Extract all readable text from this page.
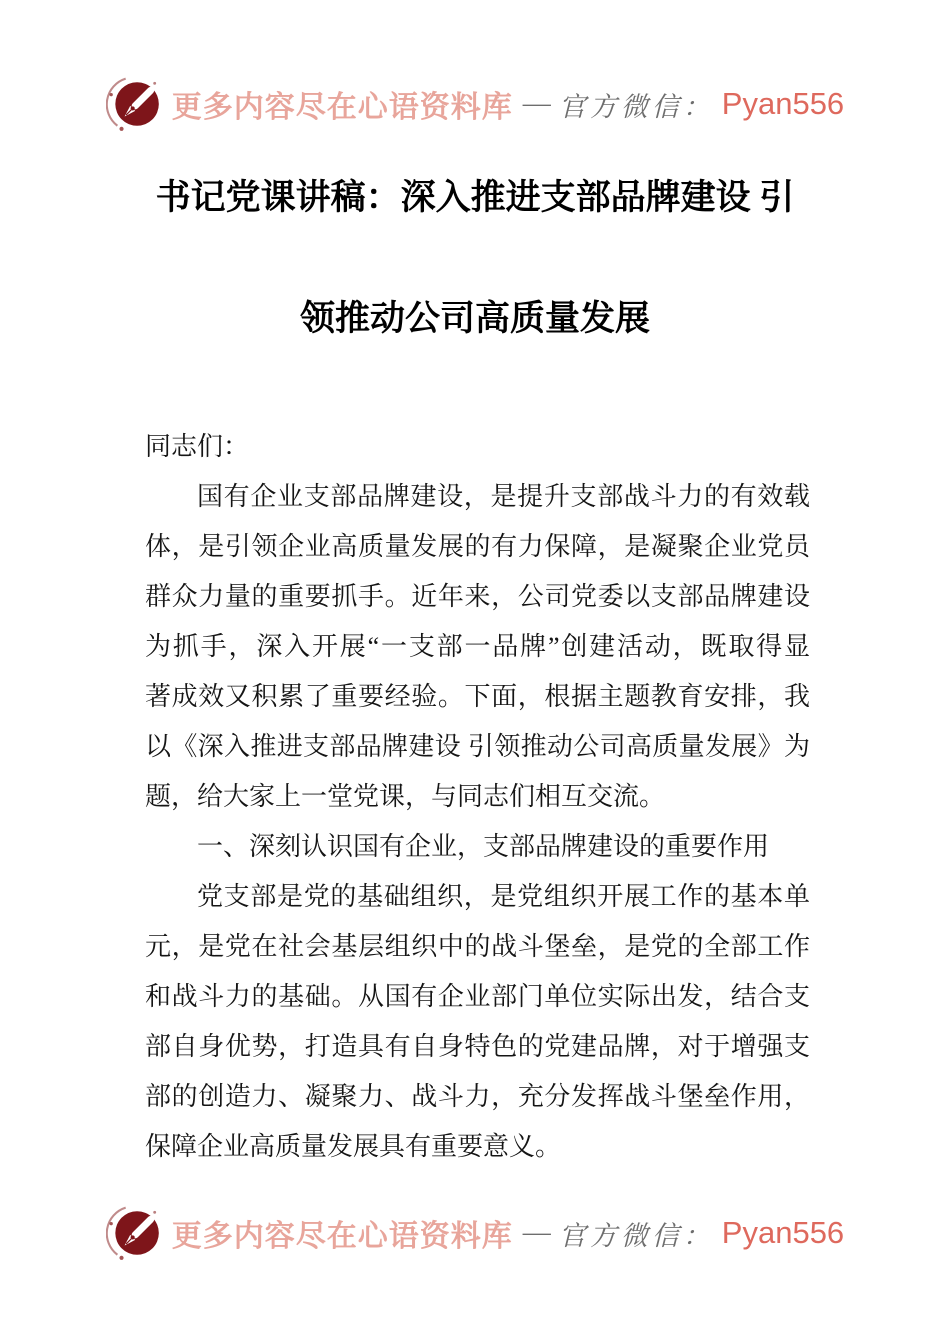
更多内容尽在心语资料库 — 官方微信： Pyan556
书记党课讲稿：深入推进支部品牌建设 引
领推动公司高质量发展
同志们：
国有企业支部品牌建设，是提升支部战斗力的有效载
体，是引领企业高质量发展的有力保障，是凝聚企业党员
群众力量的重要抓手。近年来，公司党委以支部品牌建设
为抓手，深入开展“一支部一品牌”创建活动，既取得显
著成效又积累了重要经验。下面，根据主题教育安排，我
以《深入推进支部品牌建设 引领推动公司高质量发展》为
题，给大家上一堂党课，与同志们相互交流。
一、深刻认识国有企业，支部品牌建设的重要作用
党支部是党的基础组织，是党组织开展工作的基本单
元，是党在社会基层组织中的战斗堡垒，是党的全部工作
和战斗力的基础。从国有企业部门单位实际出发，结合支
部自身优势，打造具有自身特色的党建品牌，对于增强支
部的创造力、凝聚力、战斗力，充分发挥战斗堡垒作用，
保障企业高质量发展具有重要意义。
更多内容尽在心语资料库 — 官方微信： Pyan556
